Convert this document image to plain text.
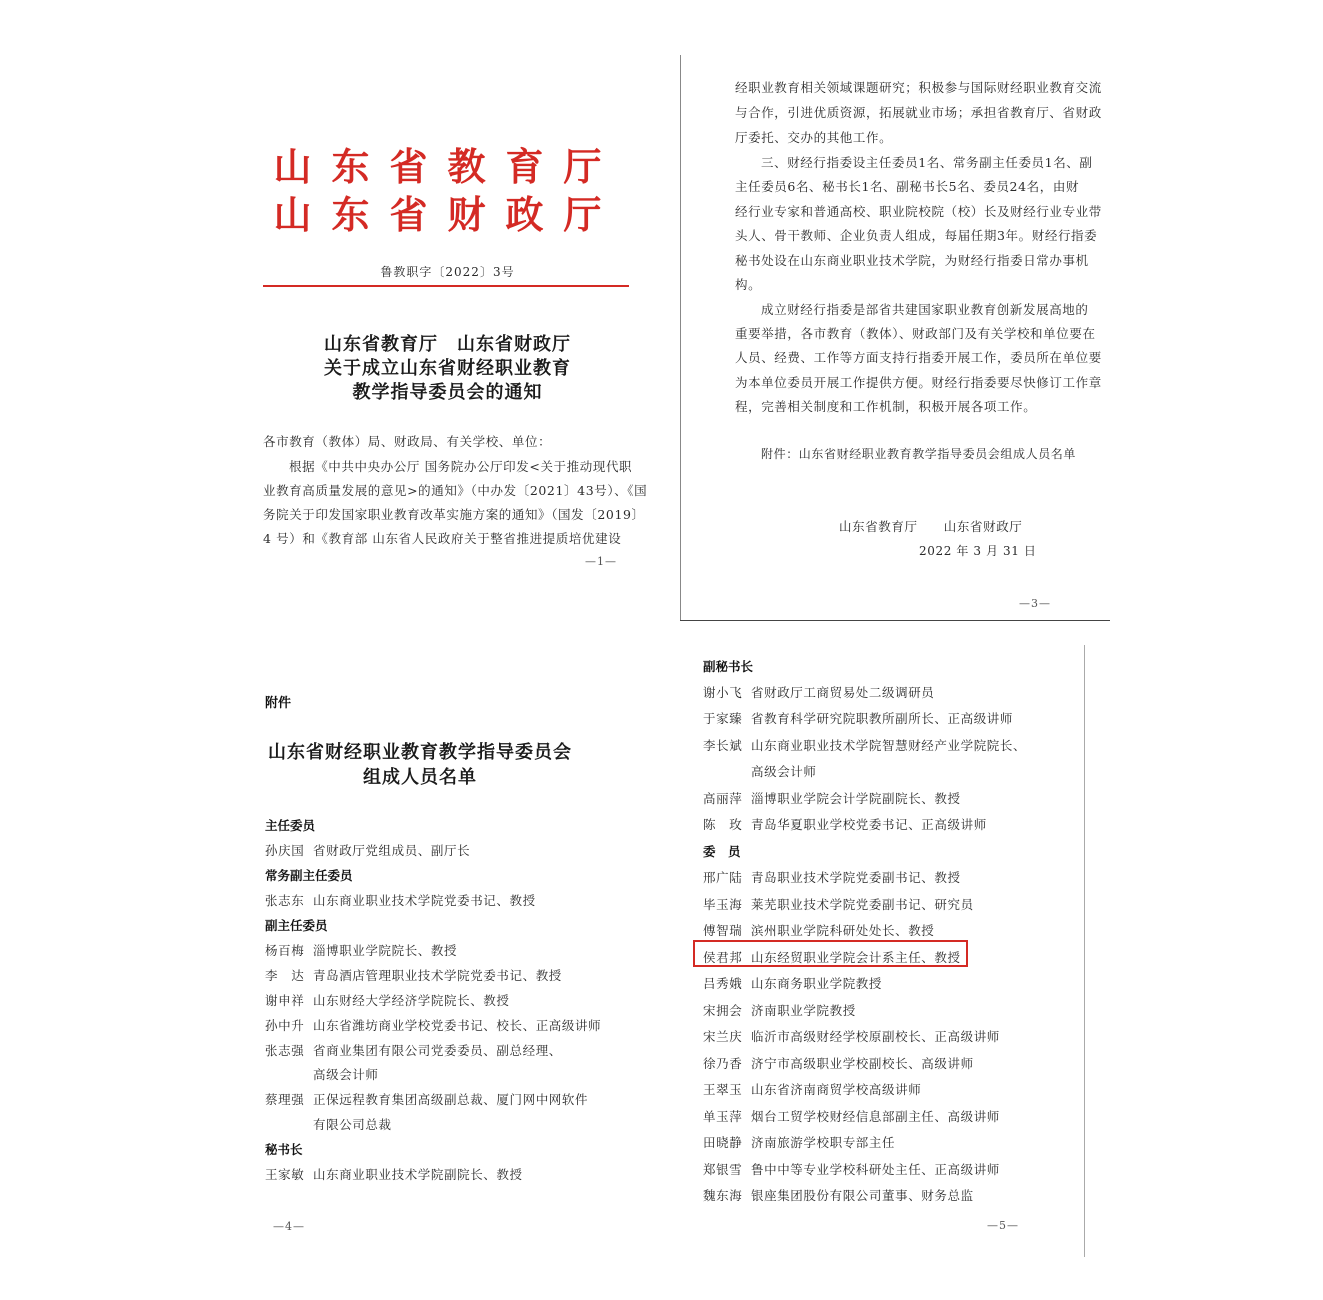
山东省教育厅
山东省财政厅
鲁教职字〔2022〕3号
山东省教育厅　山东省财政厅
关于成立山东省财经职业教育
教学指导委员会的通知
各市教育（教体）局、财政局、有关学校、单位：
根据《中共中央办公厅 国务院办公厅印发<关于推动现代职
业教育高质量发展的意见>的通知》（中办发〔2021〕43号）、《国
务院关于印发国家职业教育改革实施方案的通知》（国发〔2019〕
4 号）和《教育部 山东省人民政府关于整省推进提质培优建设
—1—
经职业教育相关领域课题研究；积极参与国际财经职业教育交流
与合作，引进优质资源，拓展就业市场；承担省教育厅、省财政
厅委托、交办的其他工作。
三、财经行指委设主任委员1名、常务副主任委员1名、副
主任委员6名、秘书长1名、副秘书长5名、委员24名，由财
经行业专家和普通高校、职业院校院（校）长及财经行业专业带
头人、骨干教师、企业负责人组成，每届任期3年。财经行指委
秘书处设在山东商业职业技术学院，为财经行指委日常办事机
构。
成立财经行指委是部省共建国家职业教育创新发展高地的
重要举措，各市教育（教体）、财政部门及有关学校和单位要在
人员、经费、工作等方面支持行指委开展工作，委员所在单位要
为本单位委员开展工作提供方便。财经行指委要尽快修订工作章
程，完善相关制度和工作机制，积极开展各项工作。
附件：山东省财经职业教育教学指导委员会组成人员名单
山东省教育厅　　山东省财政厅
2022 年 3 月 31 日
—3—
附件
山东省财经职业教育教学指导委员会
组成人员名单
主任委员
孙庆国 省财政厅党组成员、副厅长
常务副主任委员
张志东 山东商业职业技术学院党委书记、教授
副主任委员
杨百梅 淄博职业学院院长、教授
李　达 青岛酒店管理职业技术学院党委书记、教授
谢申祥 山东财经大学经济学院院长、教授
孙中升 山东省潍坊商业学校党委书记、校长、正高级讲师
张志强 省商业集团有限公司党委委员、副总经理、
高级会计师
蔡理强 正保远程教育集团高级副总裁、厦门网中网软件
有限公司总裁
秘书长
王家敏 山东商业职业技术学院副院长、教授
—4—
副秘书长
谢小飞 省财政厅工商贸易处二级调研员
于家臻 省教育科学研究院职教所副所长、正高级讲师
李长斌 山东商业职业技术学院智慧财经产业学院院长、
高级会计师
高丽萍 淄博职业学院会计学院副院长、教授
陈　玫 青岛华夏职业学校党委书记、正高级讲师
委　员
邢广陆 青岛职业技术学院党委副书记、教授
毕玉海 莱芜职业技术学院党委副书记、研究员
傅智瑞 滨州职业学院科研处处长、教授
侯君邦 山东经贸职业学院会计系主任、教授
吕秀娥 山东商务职业学院教授
宋拥会 济南职业学院教授
宋兰庆 临沂市高级财经学校原副校长、正高级讲师
徐乃香 济宁市高级职业学校副校长、高级讲师
王翠玉 山东省济南商贸学校高级讲师
单玉萍 烟台工贸学校财经信息部副主任、高级讲师
田晓静 济南旅游学校职专部主任
郑银雪 鲁中中等专业学校科研处主任、正高级讲师
魏东海 银座集团股份有限公司董事、财务总监
—5—
